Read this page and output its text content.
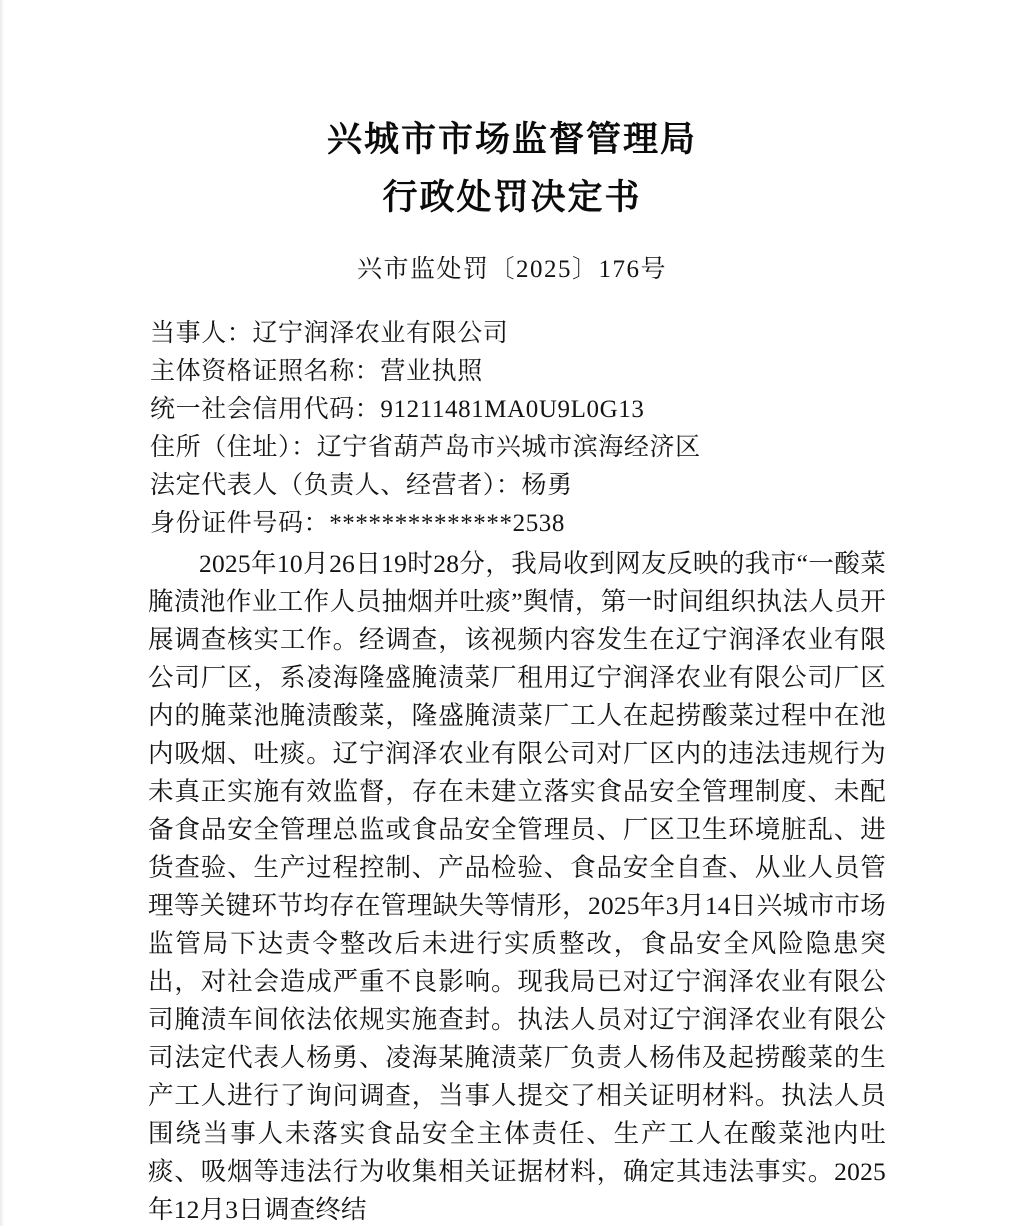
兴城市市场监督管理局
行政处罚决定书
兴市监处罚〔2025〕176号
当事人：辽宁润泽农业有限公司
主体资格证照名称：营业执照
统一社会信用代码：91211481MA0U9L0G13
住所（住址）：辽宁省葫芦岛市兴城市滨海经济区
法定代表人（负责人、经营者）：杨勇
身份证件号码：**************2538

2025年10月26日19时28分，我局收到网友反映的我市“一酸菜腌渍池作业工作人员抽烟并吐痰”舆情，第一时间组织执法人员开展调查核实工作。经调查，该视频内容发生在辽宁润泽农业有限公司厂区，系凌海隆盛腌渍菜厂租用辽宁润泽农业有限公司厂区内的腌菜池腌渍酸菜，隆盛腌渍菜厂工人在起捞酸菜过程中在池内吸烟、吐痰。辽宁润泽农业有限公司对厂区内的违法违规行为未真正实施有效监督，存在未建立落实食品安全管理制度、未配备食品安全管理总监或食品安全管理员、厂区卫生环境脏乱、进货查验、生产过程控制、产品检验、食品安全自查、从业人员管理等关键环节均存在管理缺失等情形，2025年3月14日兴城市市场监管局下达责令整改后未进行实质整改，食品安全风险隐患突出，对社会造成严重不良影响。现我局已对辽宁润泽农业有限公司腌渍车间依法依规实施查封。执法人员对辽宁润泽农业有限公司法定代表人杨勇、凌海某腌渍菜厂负责人杨伟及起捞酸菜的生产工人进行了询问调查，当事人提交了相关证明材料。执法人员围绕当事人未落实食品安全主体责任、生产工人在酸菜池内吐痰、吸烟等违法行为收集相关证据材料，确定其违法事实。2025年12月3日调查终结
